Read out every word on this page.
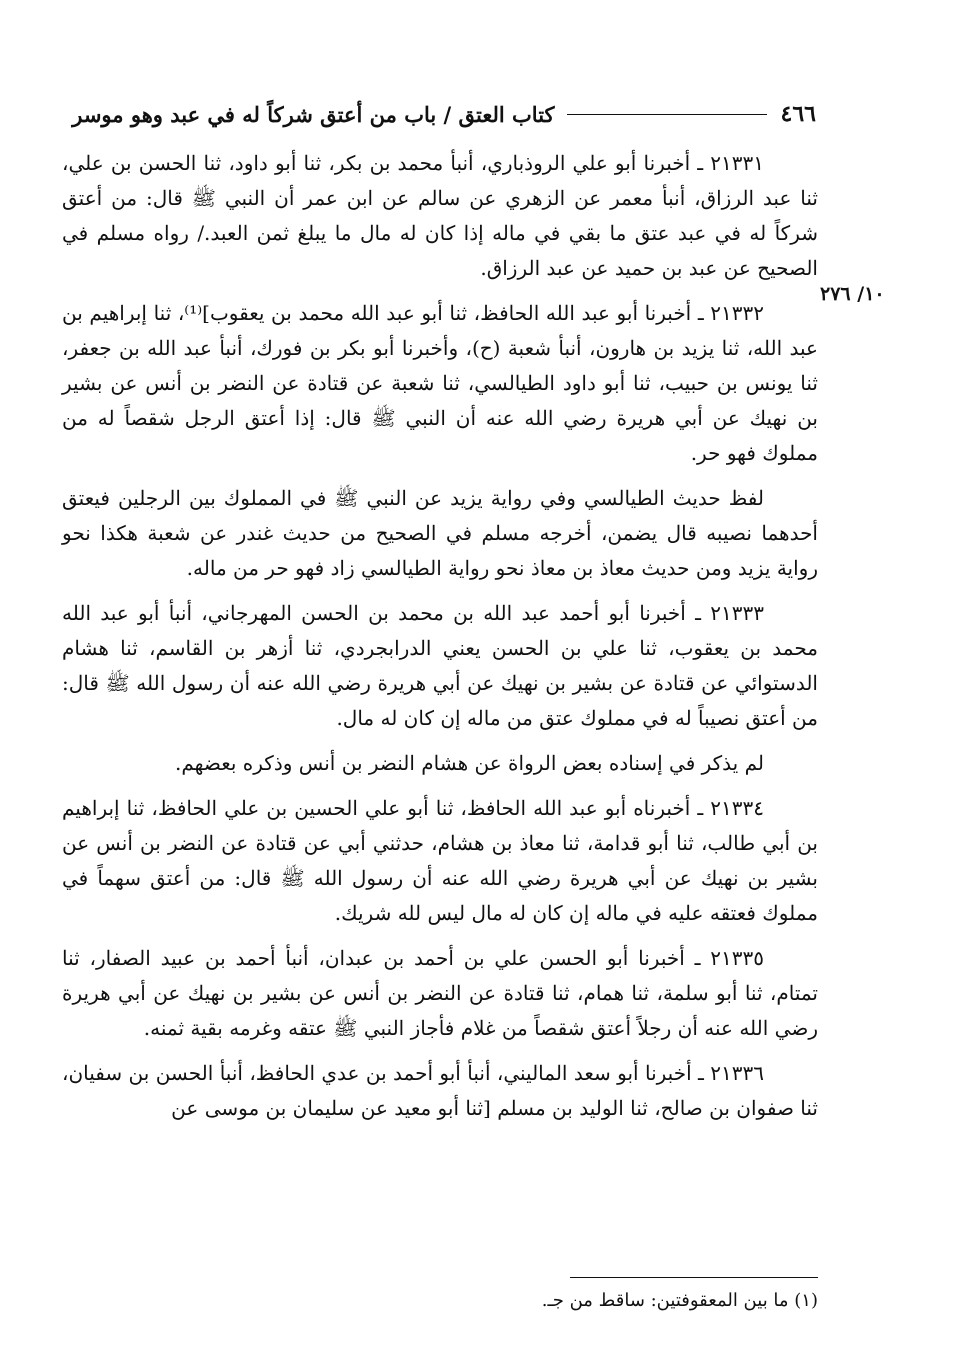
٤٦٦
كتاب العتق / باب من أعتق شركاً له في عبد وهو موسر

٢١٣٣١ ـ أخبرنا أبو علي الروذباري، أنبأ محمد بن بكر، ثنا أبو داود، ثنا الحسن بن علي، ثنا عبد الرزاق، أنبأ معمر عن الزهري عن سالم عن ابن عمر أن النبي ﷺ قال: من أعتق شركاً له في عبد عتق ما بقي في ماله إذا كان له مال ما يبلغ ثمن العبد./ رواه مسلم في الصحيح عن عبد بن حميد عن عبد الرزاق.

١٠/ ٢٧٦

٢١٣٣٢ ـ أخبرنا أبو عبد الله الحافظ، ثنا أبو عبد الله محمد بن يعقوب]⁽¹⁾، ثنا إبراهيم بن عبد الله، ثنا يزيد بن هارون، أنبأ شعبة (ح)، وأخبرنا أبو بكر بن فورك، أنبأ عبد الله بن جعفر، ثنا يونس بن حبيب، ثنا أبو داود الطيالسي، ثنا شعبة عن قتادة عن النضر بن أنس عن بشير بن نهيك عن أبي هريرة رضي الله عنه أن النبي ﷺ قال: إذا أعتق الرجل شقصاً له من مملوك فهو حر.

لفظ حديث الطيالسي وفي رواية يزيد عن النبي ﷺ في المملوك بين الرجلين فيعتق أحدهما نصيبه قال يضمن، أخرجه مسلم في الصحيح من حديث غندر عن شعبة هكذا نحو رواية يزيد ومن حديث معاذ بن معاذ نحو رواية الطيالسي زاد فهو حر من ماله.

٢١٣٣٣ ـ أخبرنا أبو أحمد عبد الله بن محمد بن الحسن المهرجاني، أنبأ أبو عبد الله محمد بن يعقوب، ثنا علي بن الحسن يعني الدرابجردي، ثنا أزهر بن القاسم، ثنا هشام الدستوائي عن قتادة عن بشير بن نهيك عن أبي هريرة رضي الله عنه أن رسول الله ﷺ قال: من أعتق نصيباً له في مملوك عتق من ماله إن كان له مال.

لم يذكر في إسناده بعض الرواة عن هشام النضر بن أنس وذكره بعضهم.

٢١٣٣٤ ـ أخبرناه أبو عبد الله الحافظ، ثنا أبو علي الحسين بن علي الحافظ، ثنا إبراهيم بن أبي طالب، ثنا أبو قدامة، ثنا معاذ بن هشام، حدثني أبي عن قتادة عن النضر بن أنس عن بشير بن نهيك عن أبي هريرة رضي الله عنه أن رسول الله ﷺ قال: من أعتق سهماً في مملوك فعتقه عليه في ماله إن كان له مال ليس لله شريك.

٢١٣٣٥ ـ أخبرنا أبو الحسن علي بن أحمد بن عبدان، أنبأ أحمد بن عبيد الصفار، ثنا تمتام، ثنا أبو سلمة، ثنا همام، ثنا قتادة عن النضر بن أنس عن بشير بن نهيك عن أبي هريرة رضي الله عنه أن رجلاً أعتق شقصاً من غلام فأجاز النبي ﷺ عتقه وغرمه بقية ثمنه.

٢١٣٣٦ ـ أخبرنا أبو سعد الماليني، أنبأ أبو أحمد بن عدي الحافظ، أنبأ الحسن بن سفيان، ثنا صفوان بن صالح، ثنا الوليد بن مسلم [ثنا أبو معيد عن سليمان بن موسى عن

(١) ما بين المعقوفتين: ساقط من جـ.
